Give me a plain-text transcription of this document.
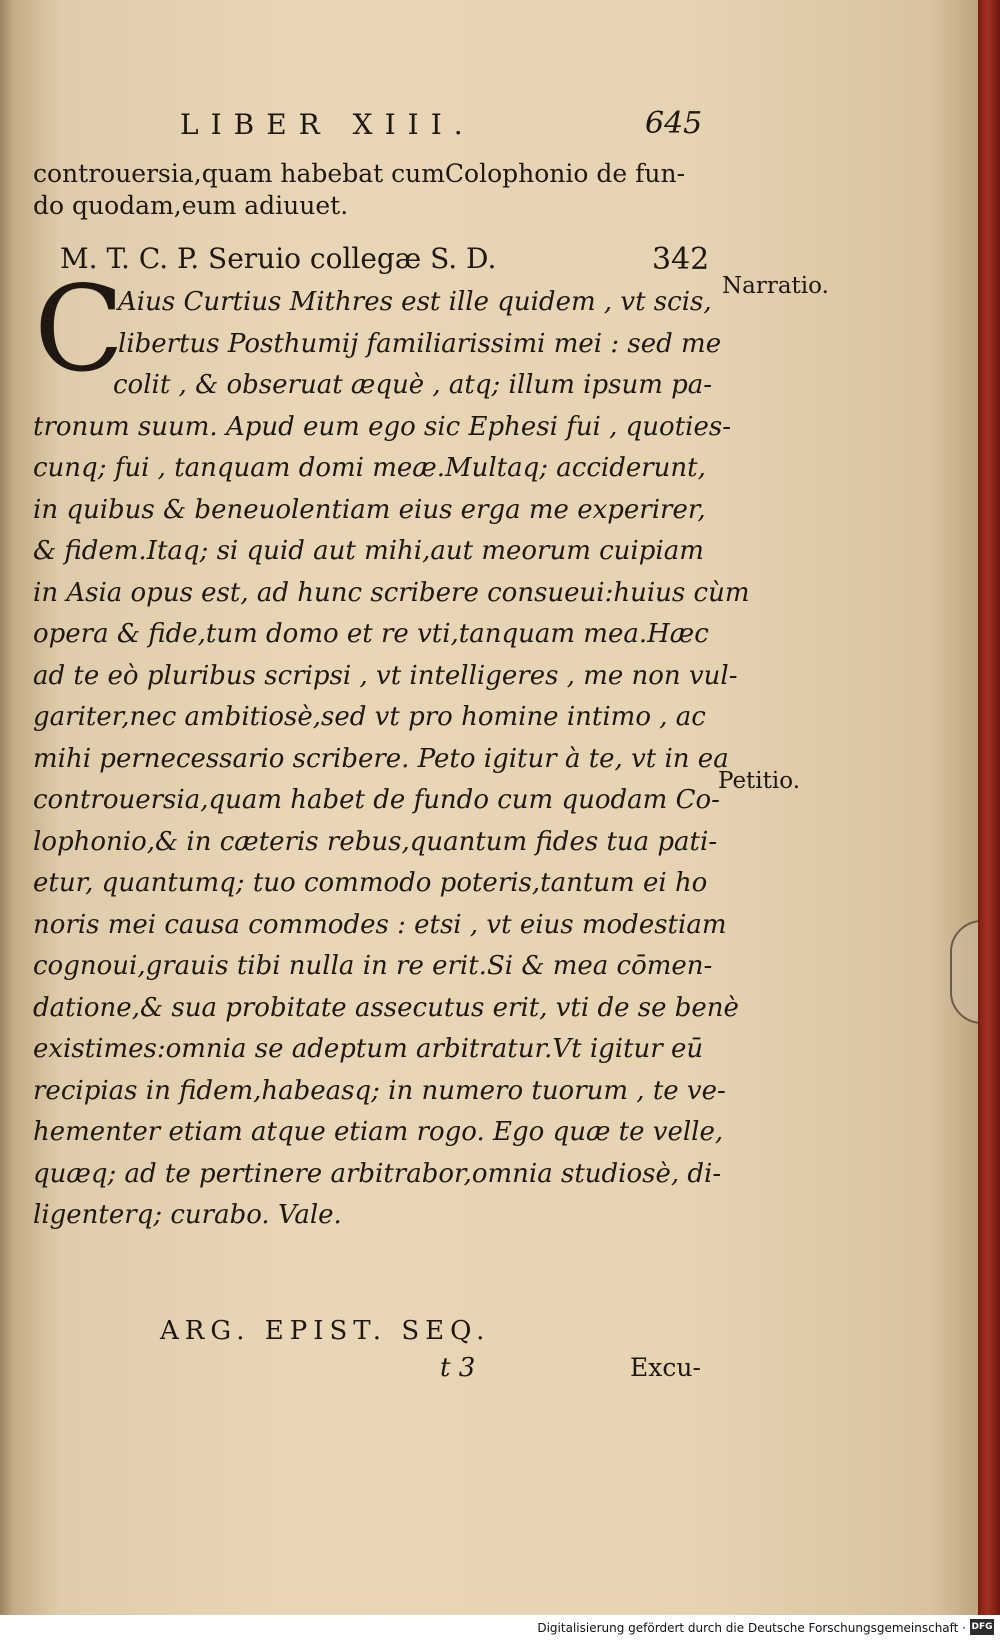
LIBER XIII.	645
controuersia,quam habebat cumColophonio de fun-
do quodam,eum adiuuet.
M. T. C. P. Seruio collegæ S. D.	342
Narratio.
Petitio.
C
Aius Curtius Mithres est ille quidem , vt scis,
libertus Posthumij familiarissimi mei : sed me
colit , & obseruat æquè , atq; illum ipsum pa-
tronum suum. Apud eum ego sic Ephesi fui , quoties-
cunq; fui , tanquam domi meæ.Multaq; acciderunt,
in quibus & beneuolentiam eius erga me experirer,
& fidem.Itaq; si quid aut mihi,aut meorum cuipiam
in Asia opus est, ad hunc scribere consueui:huius cùm
opera & fide,tum domo et re vti,tanquam mea.Hæc
ad te eò pluribus scripsi , vt intelligeres , me non vul-
gariter,nec ambitiosè,sed vt pro homine intimo , ac
mihi pernecessario scribere. Peto igitur à te, vt in ea
controuersia,quam habet de fundo cum quodam Co-
lophonio,& in cæteris rebus,quantum fides tua pati-
etur, quantumq; tuo commodo poteris,tantum ei ho
noris mei causa commodes : etsi , vt eius modestiam
cognoui,grauis tibi nulla in re erit.Si & mea cōmen-
datione,& sua probitate assecutus erit, vti de se benè
existimes:omnia se adeptum arbitratur.Vt igitur eū
recipias in fidem,habeasq; in numero tuorum , te ve-
hementer etiam atque etiam rogo. Ego quæ te velle,
quæq; ad te pertinere arbitrabor,omnia studiosè, di-
ligenterq; curabo. Vale.
ARG. EPIST. SEQ.
t 3	Excu-
Digitalisierung gefördert durch die Deutsche Forschungsgemeinschaft · DFG
